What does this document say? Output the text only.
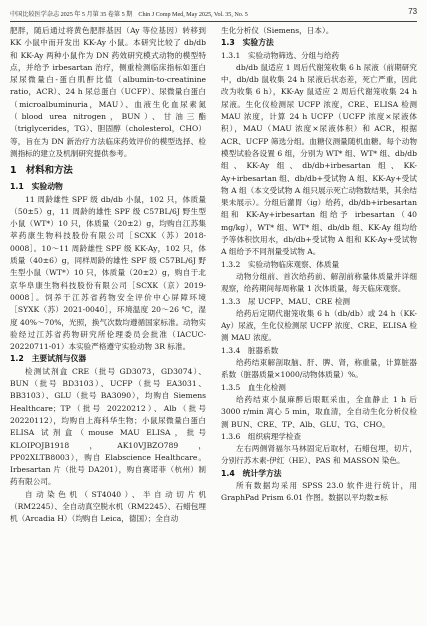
中国比较医学杂志 2025 年 5 月第 35 卷第 5 期　Chin J Comp Med, May 2025, Vol. 35, No. 5	73

肥胖，随后通过将黄色肥胖基因（Ay 等位基因）转移到 KK 小鼠中而开发出 KK-Ay 小鼠。本研究比较了 db/db 和 KK-Ay 两种小鼠作为 DN 药效研究模式动物的模型特点，并给予 irbesartan 治疗，侧重检测临床指标如蛋白尿尿微量白-蛋白肌酐比值（albumin-to-creatinine ratio，ACR）、24 h 尿总蛋白（UCFP）、尿微量白蛋白（microalbuminuria，MAU）、血液生化血尿素氮（blood urea nitrogen，BUN）、甘油三酯（triglycerides，TG）、胆固醇（cholesterol，CHO）等，旨在为 DN 新治疗方法临床药效评价的模型选择、检测指标的建立及机制研究提供参考。

1　材料和方法
1.1　实验动物

11 周龄雄性 SPF 级 db/db 小鼠，102 只，体质量（50±5）g，11 周龄的雄性 SPF 级 C57BL/6J 野生型小鼠（WT*）10 只，体质量（20±2）g，均购自江苏集萃药康生物科技股份有限公司［SCXK（苏）2018-0008］。10～11 周龄雄性 SPF 级 KK-Ay，102 只，体质量（40±6）g，同样周龄的雄性 SPF 级 C57BL/6J 野生型小鼠（WT*）10 只，体质量（20±2）g，购自于北京华阜康生物科技股份有限公司［SCXK（京）2019-0008］。饲养于江苏省药物安全评价中心屏障环境［SYXK（苏）2021-0040］，环境温度 20～26 ℃，湿度 40%～70%，光照，换气次数均遵循国家标准。动物实验经过江苏省药物研究所伦理委员会批准（IACUC-20220711-01）本实验严格遵守实验动物 3R 标准。

1.2　主要试剂与仪器

检测试剂盒 CRE（批号 GD3073，GD3074）、BUN（批号 BD3103）、UCFP（批号 EA3031、BB3103）、GLU（批号 BA3090），均购自 Siemens Healthcare；TP（批号 20220212）、Alb（批号 20220112），均购自上海科华生物；小鼠尿微量白蛋白 ELISA 试剂盒（mouse MAU ELISA，批号 KLOIPOJB1918，AK10VJBZO789，PP02XLTB8003），购自 Elabscience Healthcare。Irbesartan 片（批号 DA201），购自赛诺菲（杭州）制药有限公司。

自动染色机（ST4040）、半自动切片机（RM2245）、全自动真空脱水机（RM2245）、石蜡包埋机（Arcadia H）（均购自 Leica，德国）；全自动

生化分析仪（Siemens，日本）。

1.3　实验方法
1.3.1　实验动物筛选、分组与给药

db/db 鼠适应 1 周后代谢笼收集 6 h 尿液（前期研究中，db/db 鼠收集 24 h 尿液后状态差，死亡严重，因此改为收集 6 h），KK-Ay 鼠适应 2 周后代谢笼收集 24 h 尿液。生化仪检测尿 UCFP 浓度，CRE、ELISA 检测 MAU 浓度，计算 24 h UCFP（UCFP 浓度×尿液体积），MAU（MAU 浓度×尿液体积）和 ACR，根据 ACR、UCFP 筛选分组。血糖仪测量随机血糖。每个动物模型试验各设置 6 组，分别为 WT* 组、WT* 组、db/db 组、KK-Ay 组、db/db+irbesartan 组、KK-Ay+irbesartan 组、db/db+受试物 A 组、KK-Ay+受试物 A 组（本文受试物 A 组只展示死亡动物数结果，其余结果未展示）。分组后灌胃（ig）给药，db/db+irbesartan 组和 KK-Ay+irbesartan 组给予 irbesartan（40 mg/kg），WT* 组、WT* 组、db/db 组、KK-Ay 组均给予等体积饮用水，db/db+受试物 A 组和 KK-Ay+受试物 A 组给予不同剂量受试物 A。

1.3.2　实验动物临床观察、体质量

动物分组前、首次给药前、解剖前称量体质量并详细观察，给药期间每周称量 1 次体质量，每天临床观察。

1.3.3　尿 UCFP、MAU、CRE 检测

给药后定期代谢笼收集 6 h（db/db）或 24 h（KK-Ay）尿液，生化仪检测尿 UCFP 浓度、CRE、ELISA 检测 MAU 浓度。

1.3.4　脏器系数

给药结束解剖取脑、肝、脾、肾，称重量，计算脏器系数（脏器质量×1000/动物体质量）%。

1.3.5　血生化检测

给药结束小鼠麻醉后眼眶采血，全血静止 1 h 后 3000 r/min 离心 5 min，取血清，全自动生化分析仪检测 BUN、CRE、TP、Alb、GLU、TG、CHO。

1.3.6　组织病理学检查

左右两侧肾福尔马林固定后取材，石蜡包埋，切片，分别行苏木素-伊红（HE）、PAS 和 MASSON 染色。

1.4　统计学方法

所有数据均采用 SPSS 23.0 软件进行统计，用 GraphPad Prism 6.01 作图。数据以平均数±标
